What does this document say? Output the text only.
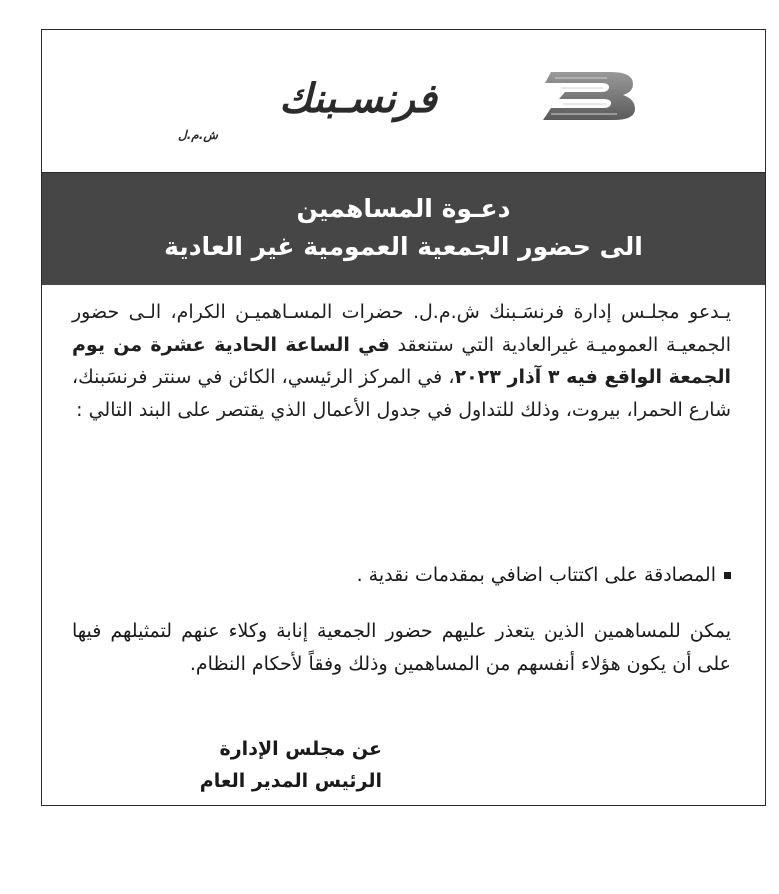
فرنسـبنك
ش.م.ل
دعـوة المساهمين
الى حضور الجمعية العمومية غير العادية
يـدعو مجلـس إدارة فرنسَـبنك ش.م.ل. حضرات المسـاهميـن الكرام، الـى حضور الجمعيـة العموميـة غيرالعادية التي ستنعقد في الساعة الحادية عشرة من يوم الجمعة الواقع فيه ٣ آذار ٢٠٢٣، في المركز الرئيسي، الكائن في سنتر فرنسَبنك، شارع الحمرا، بيروت، وذلك للتداول في جدول الأعمال الذي يقتصر على البند التالي :
المصادقة على اكتتاب اضافي بمقدمات نقدية .
يمكن للمساهمين الذين يتعذر عليهم حضور الجمعية إنابة وكلاء عنهم لتمثيلهم فيها على أن يكون هؤلاء أنفسهم من المساهمين وذلك وفقاً لأحكام النظام.
عن مجلس الإدارة
الرئيس المدير العام
